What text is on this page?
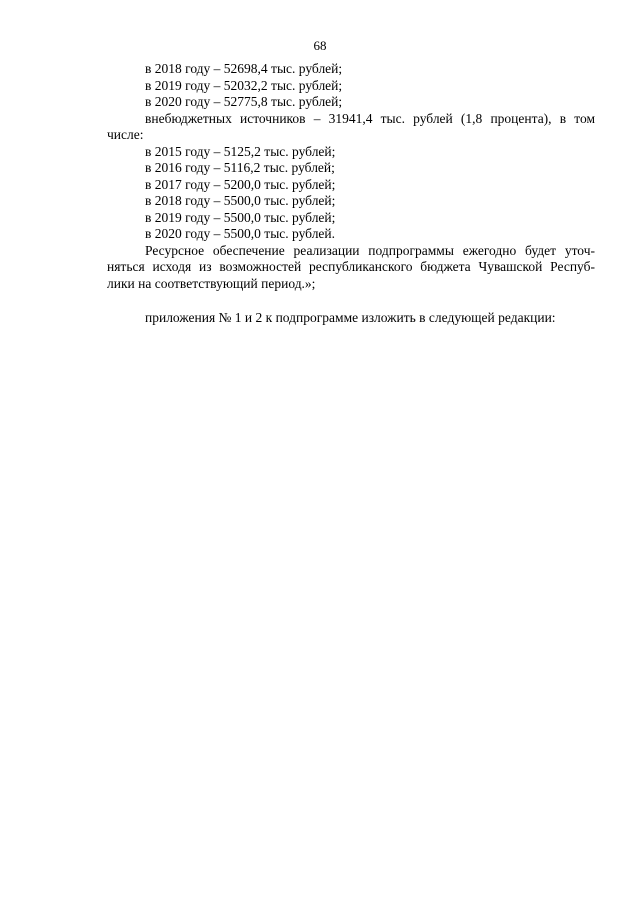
68

в 2018 году – 52698,4 тыс. рублей;

в 2019 году – 52032,2 тыс. рублей;

в 2020 году – 52775,8 тыс. рублей;

внебюджетных источников – 31941,4 тыс. рублей (1,8 процента), в том

числе:

в 2015 году – 5125,2 тыс. рублей;

в 2016 году – 5116,2 тыс. рублей;

в 2017 году – 5200,0 тыс. рублей;

в 2018 году – 5500,0 тыс. рублей;

в 2019 году – 5500,0 тыс. рублей;

в 2020 году – 5500,0 тыс. рублей.

Ресурсное обеспечение реализации подпрограммы ежегодно будет уточ-

няться исходя из возможностей республиканского бюджета Чувашской Респуб-

лики на соответствующий период.»;

приложения № 1 и 2 к подпрограмме изложить в следующей редакции:
